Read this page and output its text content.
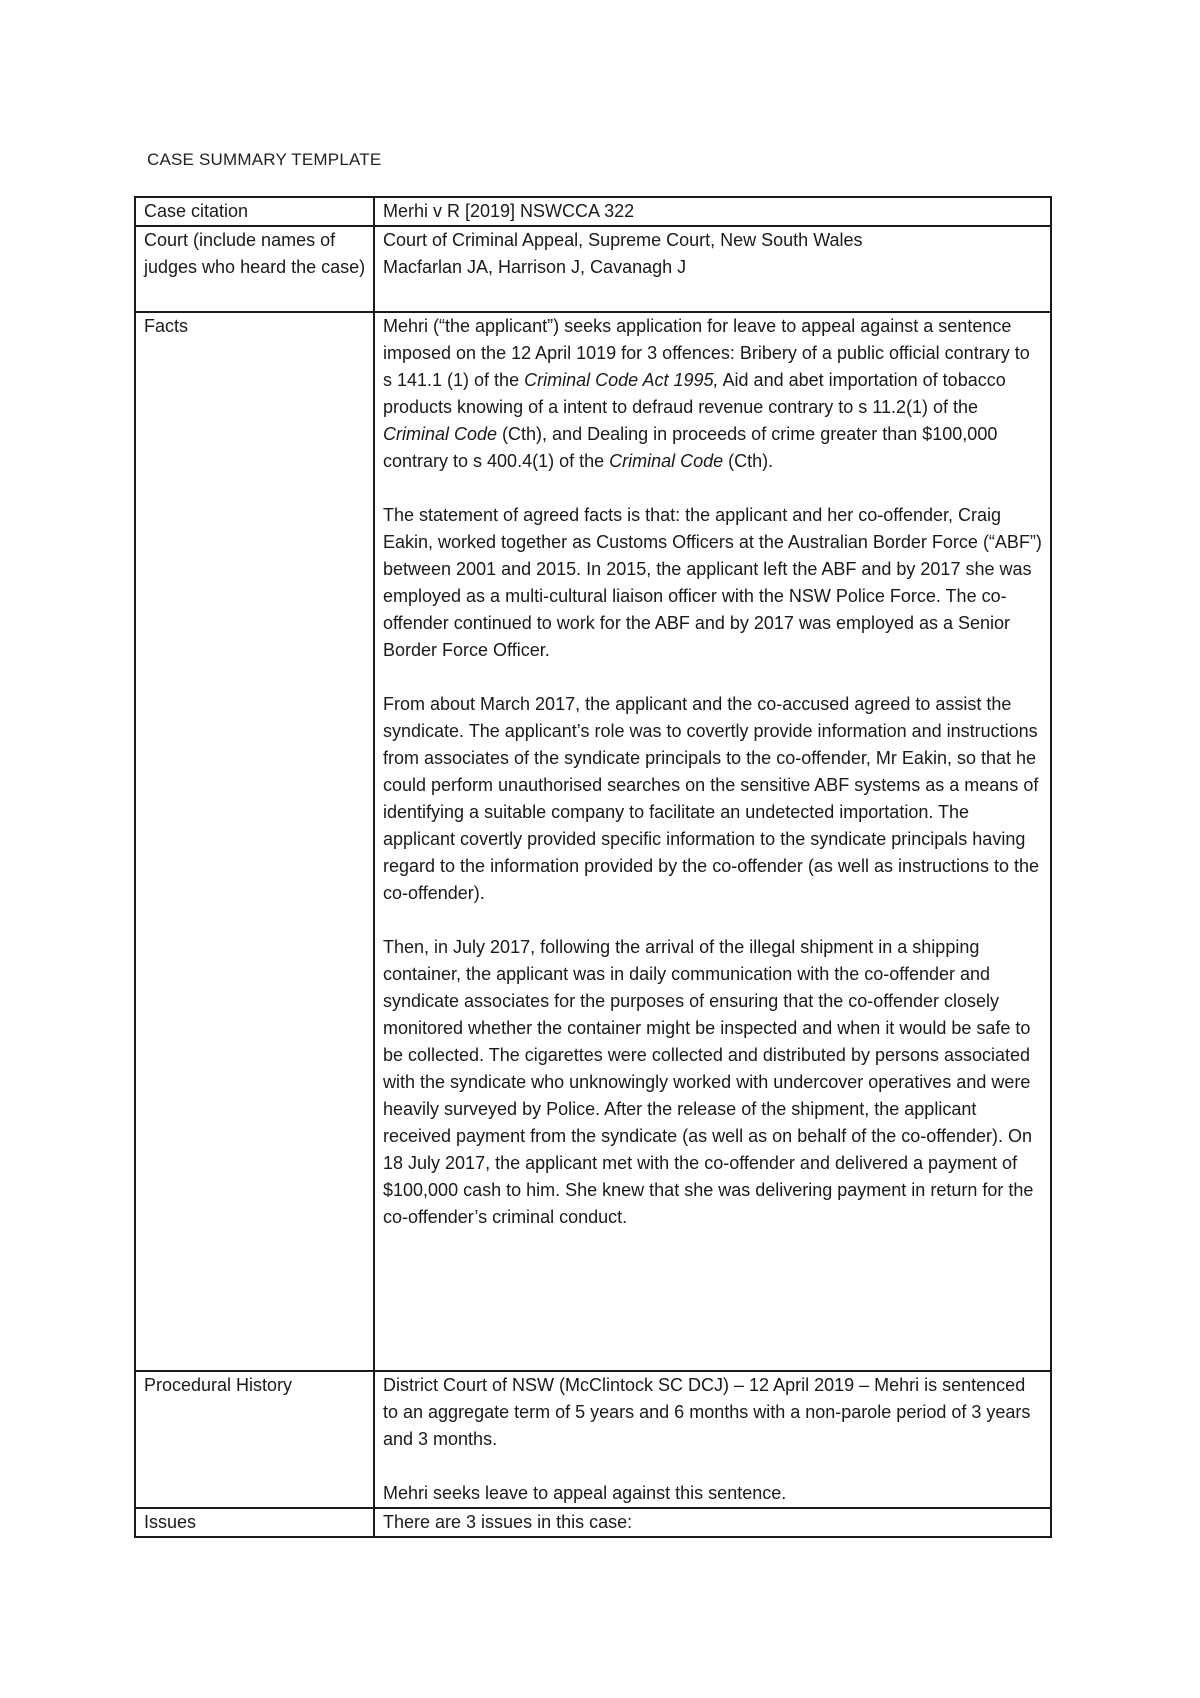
CASE SUMMARY TEMPLATE
Case citation	Merhi v R [2019] NSWCCA 322
Court (include names of judges who heard the case)	Court of Criminal Appeal, Supreme Court, New South Wales
Macfarlan JA, Harrison J, Cavanagh J

Facts	Mehri (“the applicant”) seeks application for leave to appeal against a sentence imposed on the 12 April 1019 for 3 offences: Bribery of a public official contrary to s 141.1 (1) of the Criminal Code Act 1995, Aid and abet importation of tobacco products knowing of a intent to defraud revenue contrary to s 11.2(1) of the Criminal Code (Cth), and Dealing in proceeds of crime greater than $100,000 contrary to s 400.4(1) of the Criminal Code (Cth).

The statement of agreed facts is that: the applicant and her co-offender, Craig Eakin, worked together as Customs Officers at the Australian Border Force (“ABF”) between 2001 and 2015. In 2015, the applicant left the ABF and by 2017 she was employed as a multi-cultural liaison officer with the NSW Police Force. The co-offender continued to work for the ABF and by 2017 was employed as a Senior Border Force Officer.

From about March 2017, the applicant and the co-accused agreed to assist the syndicate. The applicant’s role was to covertly provide information and instructions from associates of the syndicate principals to the co-offender, Mr Eakin, so that he could perform unauthorised searches on the sensitive ABF systems as a means of identifying a suitable company to facilitate an undetected importation. The applicant covertly provided specific information to the syndicate principals having regard to the information provided by the co-offender (as well as instructions to the co-offender).

Then, in July 2017, following the arrival of the illegal shipment in a shipping container, the applicant was in daily communication with the co-offender and syndicate associates for the purposes of ensuring that the co-offender closely monitored whether the container might be inspected and when it would be safe to be collected. The cigarettes were collected and distributed by persons associated with the syndicate who unknowingly worked with undercover operatives and were heavily surveyed by Police. After the release of the shipment, the applicant received payment from the syndicate (as well as on behalf of the co-offender). On 18 July 2017, the applicant met with the co-offender and delivered a payment of $100,000 cash to him. She knew that she was delivering payment in return for the co-offender’s criminal conduct.

Procedural History	District Court of NSW (McClintock SC DCJ) – 12 April 2019 – Mehri is sentenced to an aggregate term of 5 years and 6 months with a non-parole period of 3 years and 3 months.

Mehri seeks leave to appeal against this sentence.

Issues	There are 3 issues in this case:
